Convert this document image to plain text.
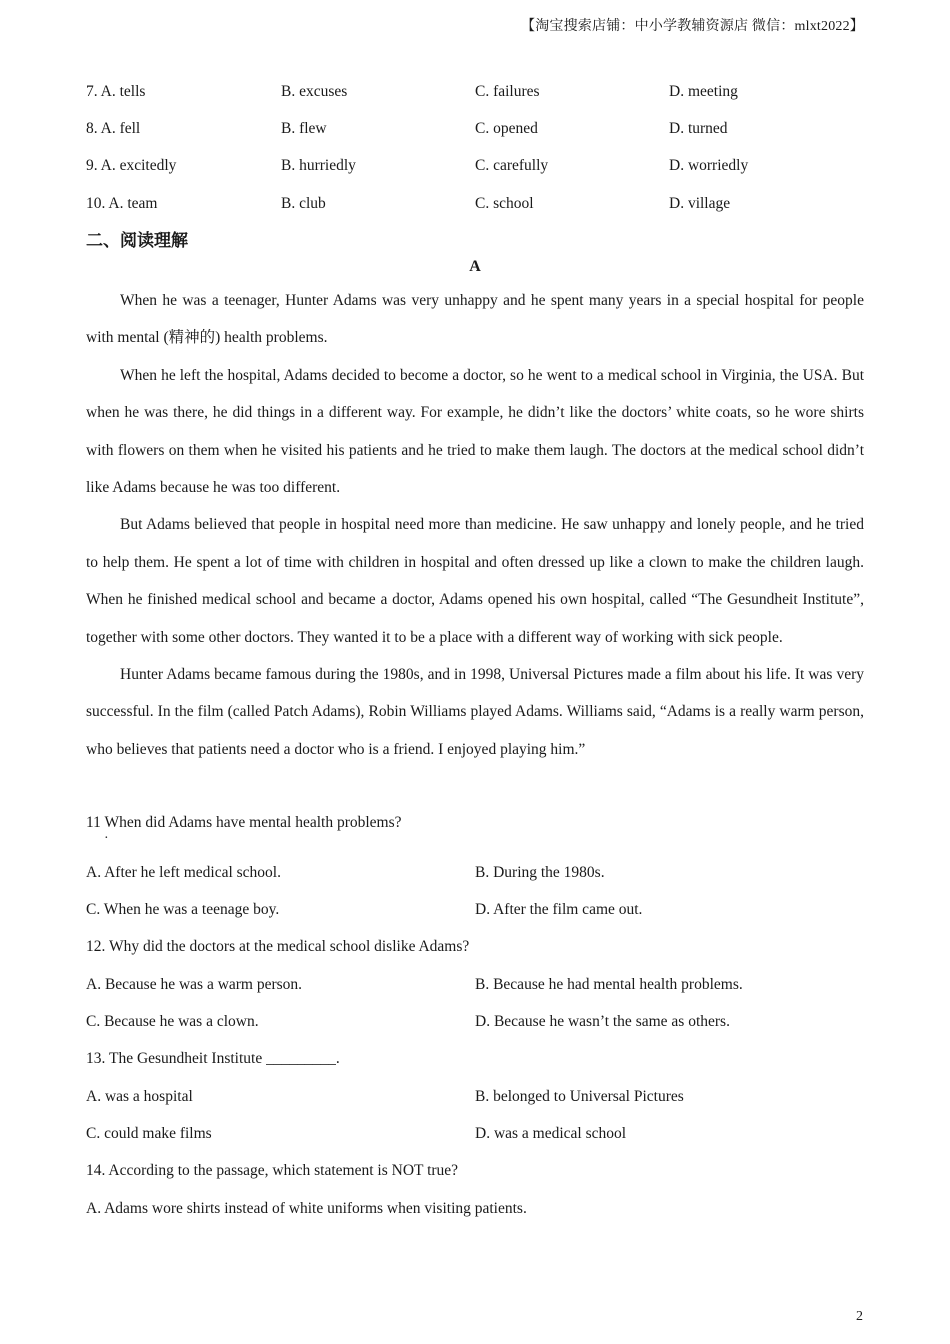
【淘宝搜索店铺：中小学教辅资源店 微信：mlxt2022】
7. A. tells	B. excuses	C. failures	D. meeting
8. A. fell	B. flew	C. opened	D. turned
9. A. excitedly	B. hurriedly	C. carefully	D. worriedly
10. A. team	B. club	C. school	D. village
二、阅读理解
A

When he was a teenager, Hunter Adams was very unhappy and he spent many years in a special hospital for people with mental (精神的) health problems.

When he left the hospital, Adams decided to become a doctor, so he went to a medical school in Virginia, the USA. But when he was there, he did things in a different way. For example, he didn’t like the doctors’ white coats, so he wore shirts with flowers on them when he visited his patients and he tried to make them laugh. The doctors at the medical school didn’t like Adams because he was too different.

But Adams believed that people in hospital need more than medicine. He saw unhappy and lonely people, and he tried to help them. He spent a lot of time with children in hospital and often dressed up like a clown to make the children laugh. When he finished medical school and became a doctor, Adams opened his own hospital, called “The Gesundheit Institute”, together with some other doctors. They wanted it to be a place with a different way of working with sick people.

Hunter Adams became famous during the 1980s, and in 1998, Universal Pictures made a film about his life. It was very successful. In the film (called Patch Adams), Robin Williams played Adams. Williams said, “Adams is a really warm person, who believes that patients need a doctor who is a friend. I enjoyed playing him.”

11 When did Adams have mental health problems?
·
A. After he left medical school.	B. During the 1980s.
C. When he was a teenage boy.	D. After the film came out.
12. Why did the doctors at the medical school dislike Adams?
A. Because he was a warm person.	B. Because he had mental health problems.
C. Because he was a clown.	D. Because he wasn’t the same as others.
13. The Gesundheit Institute _________.
A. was a hospital	B. belonged to Universal Pictures
C. could make films	D. was a medical school
14. According to the passage, which statement is NOT true?
A. Adams wore shirts instead of white uniforms when visiting patients.
2
